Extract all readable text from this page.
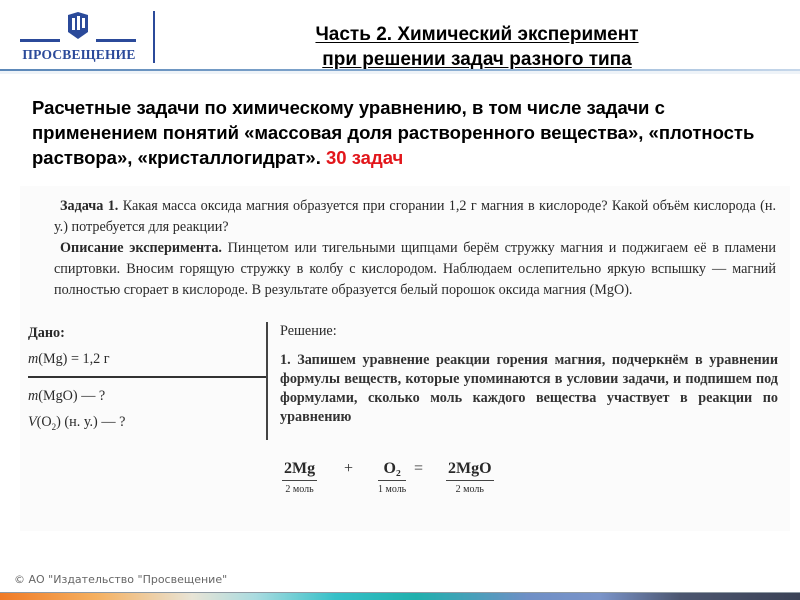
ПРОСВЕЩЕНИЕ
Часть 2. Химический эксперимент
при решении задач разного типа
Расчетные задачи по химическому уравнению, в том числе задачи с применением понятий «массовая доля растворенного вещества», «плотность раствора», «кристаллогидрат». 30 задач

Задача 1. Какая масса оксида магния образуется при сгорании 1,2 г магния в кислороде? Какой объём кислорода (н. у.) потребуется для реакции?

Описание эксперимента. Пинцетом или тигельными щипцами берём стружку магния и поджигаем её в пламени спиртовки. Вносим горящую стружку в колбу с кислородом. Наблюдаем ослепительно яркую вспышку — магний полностью сгорает в кислороде. В результате образуется белый порошок оксида магния (MgO).

Дано:
m(Mg) = 1,2 г
m(MgO) — ?
$V(O_2)$ (н. у.) — ?
Решение:
1. Запишем уравнение реакции горения магния, подчеркнём в уравнении формулы веществ, которые упоминаются в условии задачи, и подпишем под формулами, сколько моль каждого вещества участвует в реакции по уравнению
2Mg
2 моль
+	O₂
1 моль
= 2MgO
2 моль
© АО "Издательство "Просвещение"
